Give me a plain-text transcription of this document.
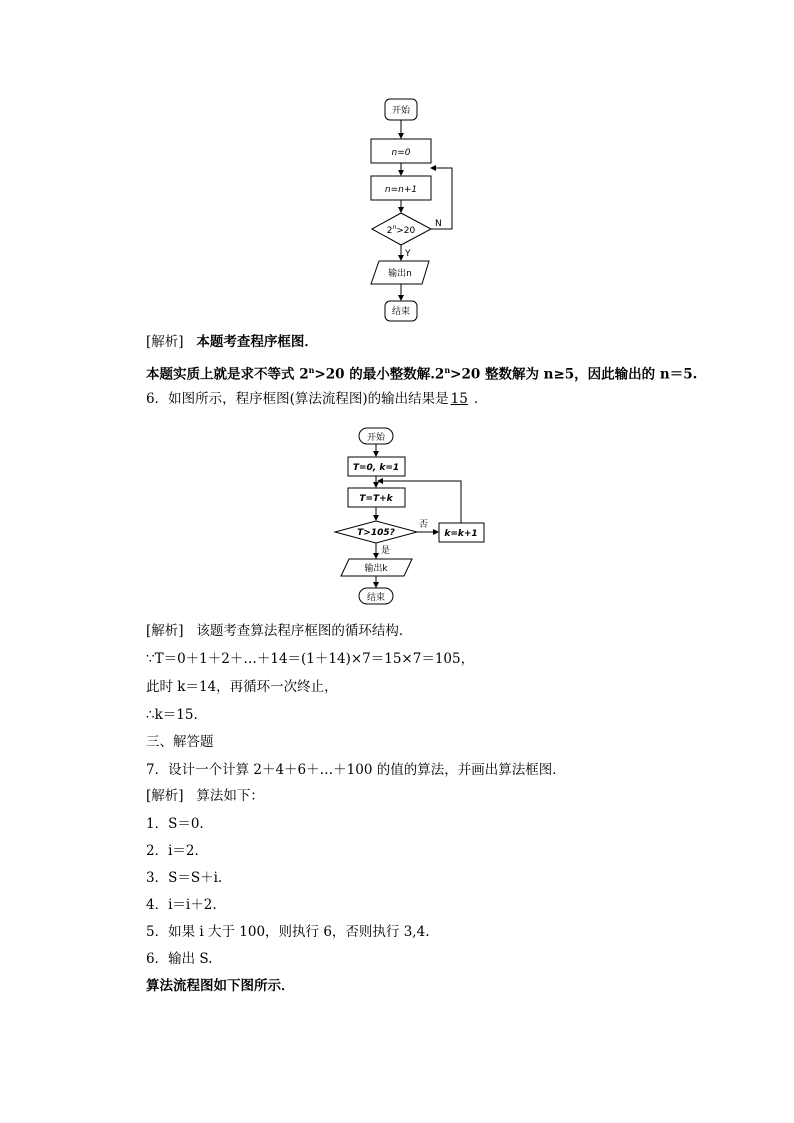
开始
n=0
n=n+1
$2^n>20$
N
Y
输出n
结束
[解析] 本题考查程序框图．
本题实质上就是求不等式 $2^n>20$ 的最小整数解$.2^n>20$ 整数解为 n≥5，因此输出的 n＝5.
6．如图所示，程序框图(算法流程图)的输出结果是 15 ．
开始
T=0, k=1
T=T+k
T>105?
否
k=k+1
是
输出k
结束
[解析] 该题考查算法程序框图的循环结构．
∵T＝0＋1＋2＋…＋14＝(1＋14)×7＝15×7＝105，
此时 k＝14，再循环一次终止，
∴k＝15.
三、解答题
7．设计一个计算 2＋4＋6＋…＋100 的值的算法，并画出算法框图．
[解析] 算法如下：
1．S＝0.
2．i＝2.
3．S＝S＋i.
4．i＝i＋2.
5．如果 i 大于 100，则执行 6，否则执行 3,4.
6．输出 S.
算法流程图如下图所示．
